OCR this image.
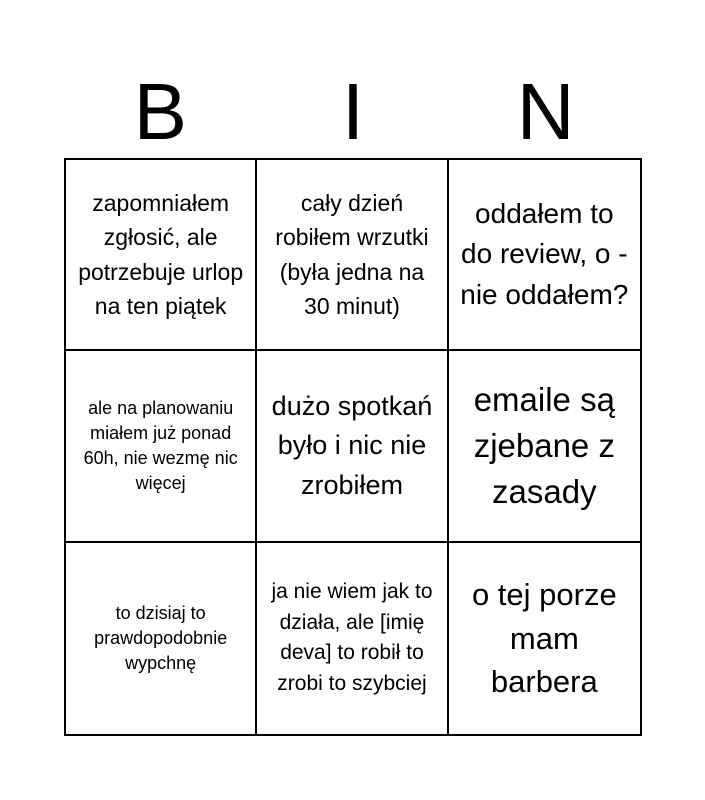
B	I	N
zapomniałem zgłosić, ale potrzebuje urlop na ten piątek
cały dzień robiłem wrzutki (była jedna na 30 minut)
oddałem to do review, o - nie oddałem?
ale na planowaniu miałem już ponad 60h, nie wezmę nic więcej
dużo spotkań było i nic nie zrobiłem
emaile są zjebane z zasady
to dzisiaj to prawdopodobnie wypchnę
ja nie wiem jak to działa, ale [imię deva] to robił to zrobi to szybciej
o tej porze mam barbera
